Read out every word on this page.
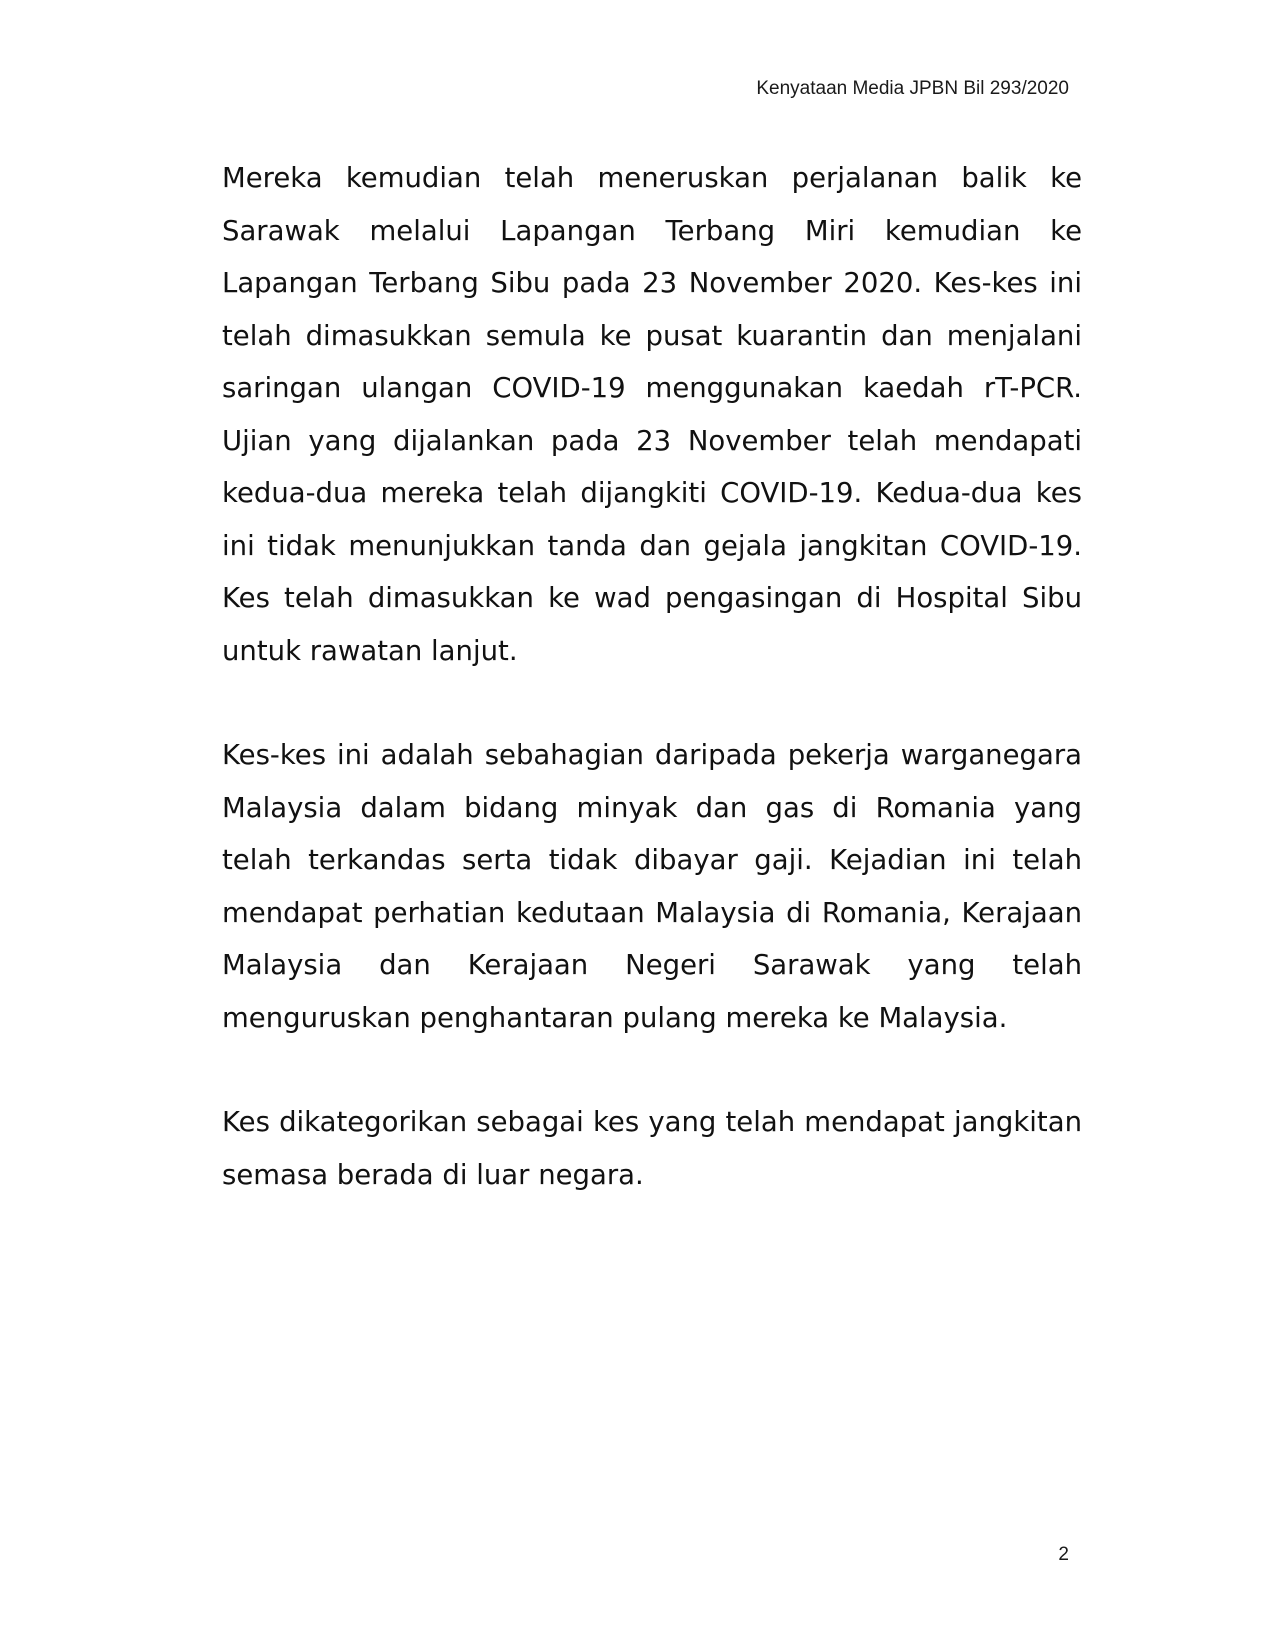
Kenyataan Media JPBN Bil 293/2020

Mereka kemudian telah meneruskan perjalanan balik ke Sarawak melalui Lapangan Terbang Miri kemudian ke Lapangan Terbang Sibu pada 23 November 2020. Kes-kes ini telah dimasukkan semula ke pusat kuarantin dan menjalani saringan ulangan COVID-19 menggunakan kaedah rT-PCR. Ujian yang dijalankan pada 23 November telah mendapati kedua-dua mereka telah dijangkiti COVID-19. Kedua-dua kes ini tidak menunjukkan tanda dan gejala jangkitan COVID-19. Kes telah dimasukkan ke wad pengasingan di Hospital Sibu untuk rawatan lanjut.

Kes-kes ini adalah sebahagian daripada pekerja warganegara Malaysia dalam bidang minyak dan gas di Romania yang telah terkandas serta tidak dibayar gaji. Kejadian ini telah mendapat perhatian kedutaan Malaysia di Romania, Kerajaan Malaysia dan Kerajaan Negeri Sarawak yang telah menguruskan penghantaran pulang mereka ke Malaysia.

Kes dikategorikan sebagai kes yang telah mendapat jangkitan semasa berada di luar negara.

2
